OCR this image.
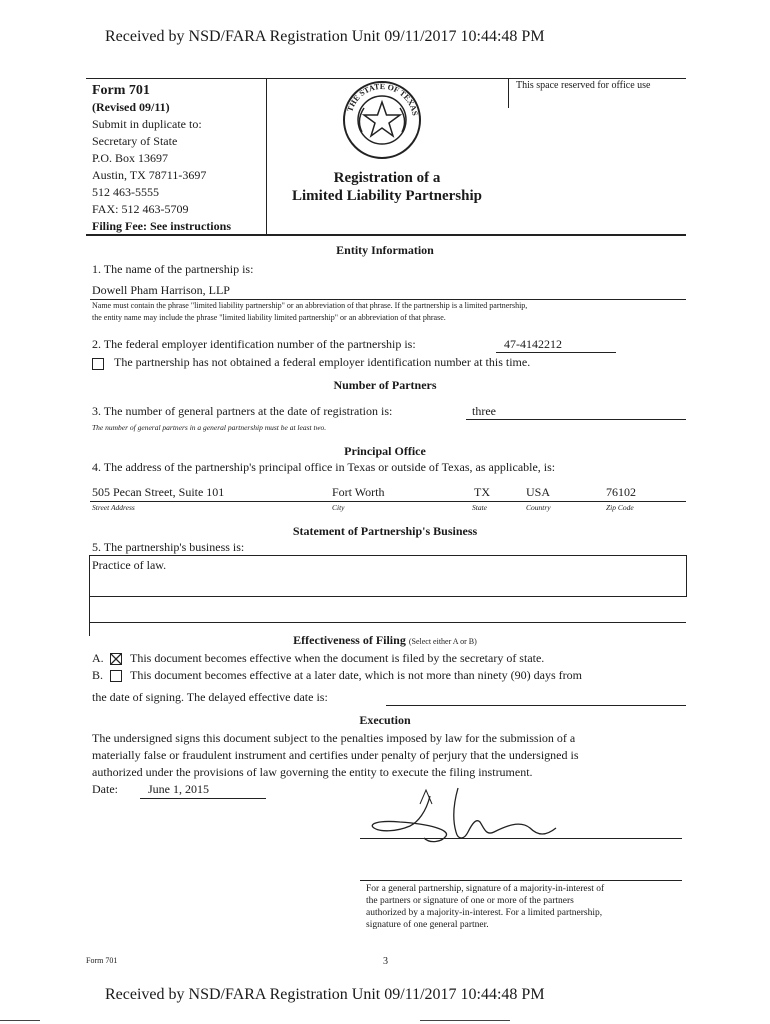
Received by NSD/FARA Registration Unit 09/11/2017 10:44:48 PM
Form 701
(Revised 09/11)
Submit in duplicate to:
Secretary of State
P.O. Box 13697
Austin, TX 78711-3697
512 463-5555
FAX: 512 463-5709
Filing Fee: See instructions
THE STATE OF TEXAS
Registration of a
Limited Liability Partnership
This space reserved for office use
Entity Information
1. The name of the partnership is:
Dowell Pham Harrison, LLP
Name must contain the phrase "limited liability partnership" or an abbreviation of that phrase. If the partnership is a limited partnership,
the entity name may include the phrase "limited liability limited partnership" or an abbreviation of that phrase.
2. The federal employer identification number of the partnership is:	47-4142212
The partnership has not obtained a federal employer identification number at this time.
Number of Partners
3. The number of general partners at the date of registration is:	three
The number of general partners in a general partnership must be at least two.
Principal Office
4. The address of the partnership's principal office in Texas or outside of Texas, as applicable, is:
505 Pecan Street, Suite 101	Fort Worth	TX	USA	76102
Street Address	City	State	Country	Zip Code
Statement of Partnership's Business
5. The partnership's business is:
Practice of law.
Effectiveness of Filing (Select either A or B)
A. This document becomes effective when the document is filed by the secretary of state.
B. This document becomes effective at a later date, which is not more than ninety (90) days from
the date of signing. The delayed effective date is:
Execution
The undersigned signs this document subject to the penalties imposed by law for the submission of a
materially false or fraudulent instrument and certifies under penalty of perjury that the undersigned is
authorized under the provisions of law governing the entity to execute the filing instrument.
Date:	June 1, 2015
For a general partnership, signature of a majority-in-interest of
the partners or signature of one or more of the partners
authorized by a majority-in-interest. For a limited partnership,
signature of one general partner.
Form 701	3
Received by NSD/FARA Registration Unit 09/11/2017 10:44:48 PM
